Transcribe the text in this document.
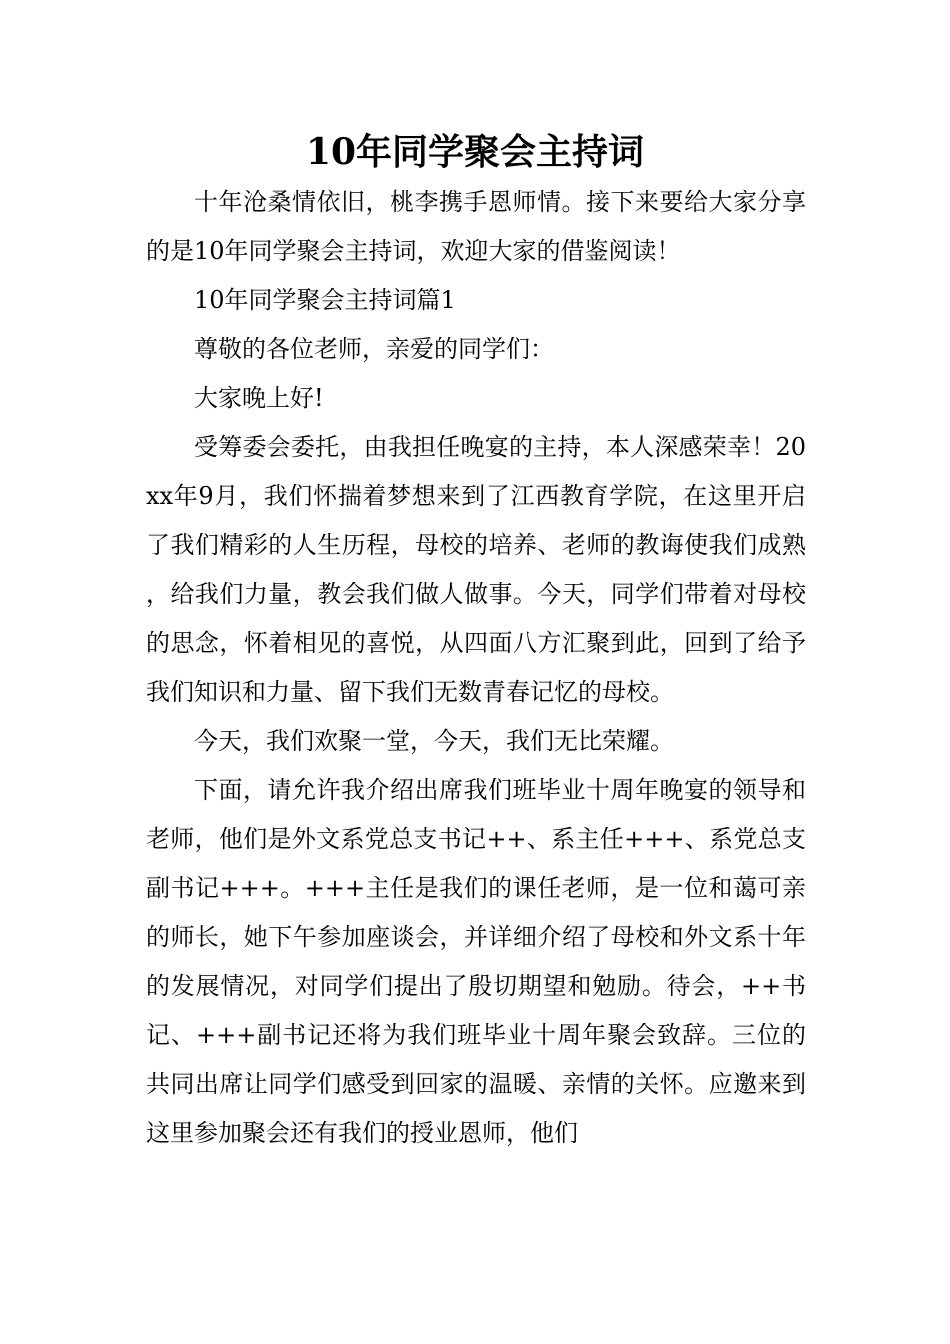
10年同学聚会主持词

十年沧桑情依旧，桃李携手恩师情。接下来要给大家分享的是10年同学聚会主持词，欢迎大家的借鉴阅读！

10年同学聚会主持词篇1

尊敬的各位老师，亲爱的同学们：

大家晚上好!

受筹委会委托，由我担任晚宴的主持，本人深感荣幸！20xx年9月，我们怀揣着梦想来到了江西教育学院，在这里开启了我们精彩的人生历程，母校的培养、老师的教诲使我们成熟，给我们力量，教会我们做人做事。今天，同学们带着对母校的思念，怀着相见的喜悦，从四面八方汇聚到此，回到了给予我们知识和力量、留下我们无数青春记忆的母校。

今天，我们欢聚一堂，今天，我们无比荣耀。

下面，请允许我介绍出席我们班毕业十周年晚宴的领导和老师，他们是外文系党总支书记++、系主任+++、系党总支副书记+++。+++主任是我们的课任老师，是一位和蔼可亲的师长，她下午参加座谈会，并详细介绍了母校和外文系十年的发展情况，对同学们提出了殷切期望和勉励。待会，++书记、+++副书记还将为我们班毕业十周年聚会致辞。三位的共同出席让同学们感受到回家的温暖、亲情的关怀。应邀来到这里参加聚会还有我们的授业恩师，他们
